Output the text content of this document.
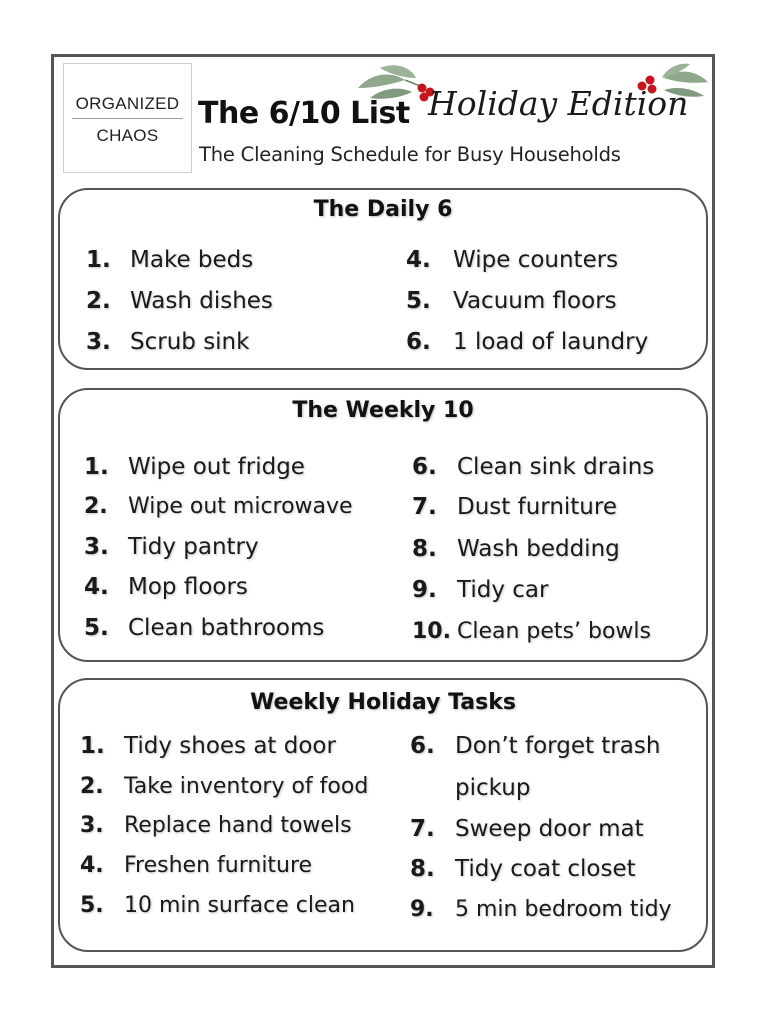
ORGANIZED
CHAOS
The 6/10 List Holiday Edition
The Cleaning Schedule for Busy Households
The Daily 6
1. Make beds
2. Wash dishes
3. Scrub sink
4. Wipe counters
5. Vacuum floors
6. 1 load of laundry
The Weekly 10
1. Wipe out fridge
2. Wipe out microwave
3. Tidy pantry
4. Mop floors
5. Clean bathrooms
6. Clean sink drains
7. Dust furniture
8. Wash bedding
9. Tidy car
10. Clean pets’ bowls
Weekly Holiday Tasks
1. Tidy shoes at door
2. Take inventory of food
3. Replace hand towels
4. Freshen furniture
5. 10 min surface clean
6. Don’t forget trash
pickup
7. Sweep door mat
8. Tidy coat closet
9. 5 min bedroom tidy
